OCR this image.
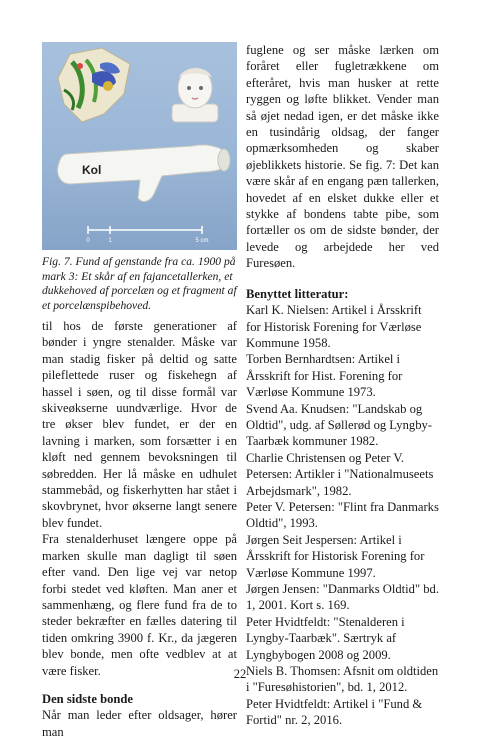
Kol
0	1	5 cm

Fig. 7. Fund af genstande fra ca. 1900 på mark 3: Et skår af en fajancetallerken, et dukkehoved af porcelæn og et fragment af et porcelænspibehoved.

til hos de første generationer af bønder i yngre stenalder. Måske var man stadig fisker på deltid og satte pileflettede ruser og fiskehegn af hassel i søen, og til disse formål var skiveøkserne uundværlige. Hvor de tre økser blev fundet, er der en lavning i marken, som forsætter i en kløft ned gennem bevoksningen til søbredden. Her lå måske en udhulet stammebåd, og fiskerhytten har stået i skovbrynet, hvor økserne langt senere blev fundet.

Fra stenalderhuset længere oppe på marken skulle man dagligt til søen efter vand. Den lige vej var netop forbi stedet ved kløften. Man aner et sammenhæng, og flere fund fra de to steder bekræfter en fælles datering til tiden omkring 3900 f. Kr., da jægeren blev bonde, men ofte vedblev at at være fisker.

Den sidste bonde

Når man leder efter oldsager, hører man

fuglene og ser måske lærken om foråret eller fugletrækkene om efteråret, hvis man husker at rette ryggen og løfte blikket. Vender man så øjet nedad igen, er det måske ikke en tusindårig oldsag, der fanger opmærksomheden og skaber øjeblikkets historie. Se fig. 7: Det kan være skår af en engang pæn tallerken, hovedet af en elsket dukke eller et stykke af bondens tabte pibe, som fortæller os om de sidste bønder, der levede og arbejdede her ved Furesøen.

Benyttet litteratur:

Karl K. Nielsen: Artikel i Årsskrift for Historisk Forening for Værløse Kommune 1958.

Torben Bernhardtsen: Artikel i Årsskrift for Hist. Forening for Værløse Kommune 1973.

Svend Aa. Knudsen: "Landskab og Oldtid", udg. af Søllerød og Lyngby-Taarbæk kommuner 1982.

Charlie Christensen og Peter V. Petersen: Artikler i "Nationalmuseets Arbejdsmark", 1982.

Peter V. Petersen: "Flint fra Danmarks Oldtid", 1993.

Jørgen Seit Jespersen: Artikel i Årsskrift for Historisk Forening for Værløse Kommune 1997.

Jørgen Jensen: "Danmarks Oldtid" bd. 1, 2001. Kort s. 169.

Peter Hvidtfeldt: "Stenalderen i Lyngby-Taarbæk". Særtryk af Lyngbybogen 2008 og 2009.

Niels B. Thomsen: Afsnit om oldtiden i "Furesøhistorien", bd. 1, 2012.

Peter Hvidtfeldt: Artikel i "Fund & Fortid" nr. 2, 2016.

22
